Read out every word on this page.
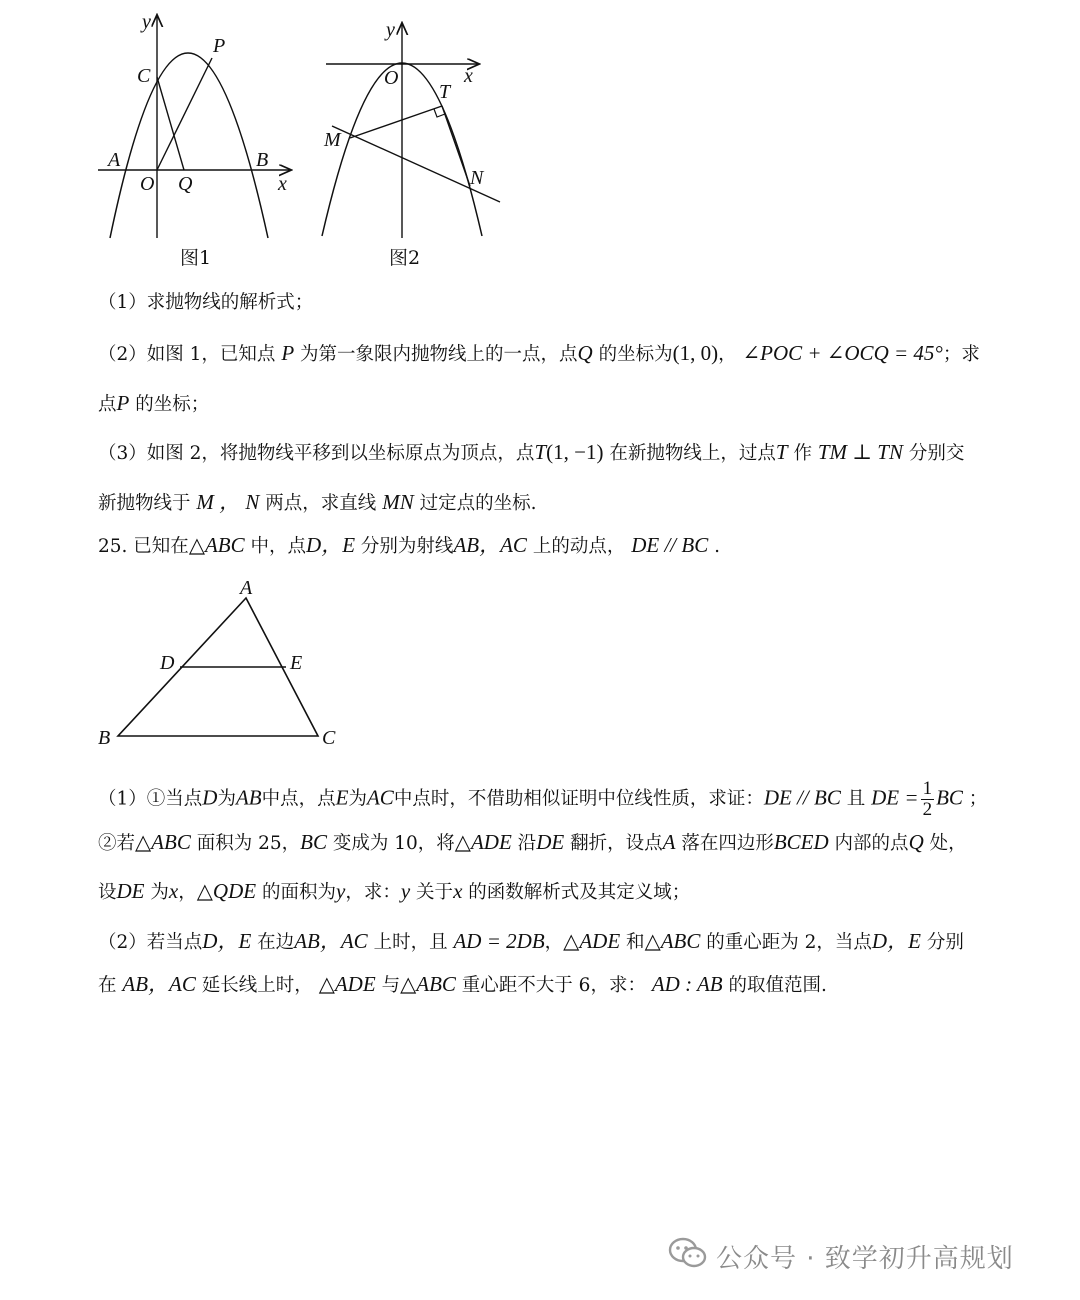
y
x
C
P
A
O Q
B
图1
y
x
O
T
M
N
图2
（1）求抛物线的解析式；
（2）如图 1，已知点 P 为第一象限内抛物线上的一点，点Q 的坐标为(1, 0)， ∠POC + ∠OCQ = 45°；求
点P 的坐标；
（3）如图 2，将抛物线平移到以坐标原点为顶点，点T(1, −1) 在新抛物线上，过点T 作 TM ⊥ TN 分别交
新抛物线于 M ， N 两点，求直线 MN 过定点的坐标.
25. 已知在△ABC 中，点D，E 分别为射线AB，AC 上的动点， DE // BC .
A
D	E
B	C
（1）①当点D为AB中点，点E为AC中点时，不借助相似证明中位线性质，求证：DE // BC 且 DE = $\frac{1}{2}$ BC ；
②若△ABC 面积为 25，BC 变成为 10，将△ADE 沿DE 翻折，设点A 落在四边形BCED 内部的点Q 处，
设DE 为x，△QDE 的面积为y，求：y 关于x 的函数解析式及其定义域；
（2）若当点D，E 在边AB，AC 上时，且 AD = 2DB，△ADE 和△ABC 的重心距为 2，当点D，E 分别
在 AB，AC 延长线上时， △ADE 与△ABC 重心距不大于 6，求： AD : AB 的取值范围.
公众号 · 致学初升高规划
